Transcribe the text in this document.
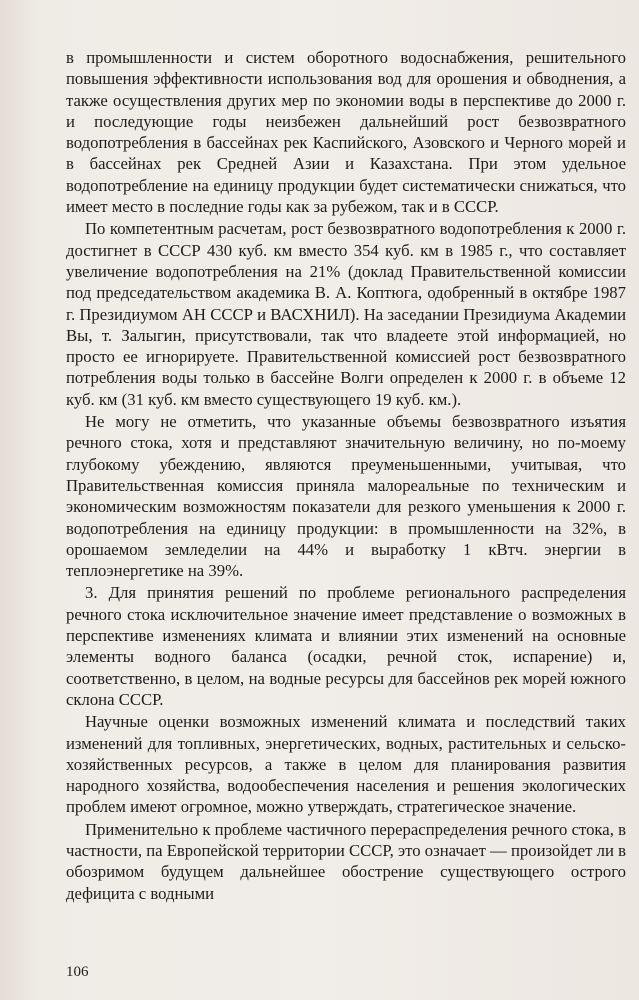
в промышленности и систем оборотного водоснабжения, решительного повышения эффективности использования вод для орошения и обводнения, а также осуществления других мер по экономии воды в перспективе до 2000 г. и последующие годы неизбежен дальнейший рост безвозвратного водопотребления в бассейнах рек Каспийского, Азовского и Черного морей и в бассейнах рек Средней Азии и Казахстана. При этом удельное водопотребление на единицу продукции будет систематически снижаться, что имеет место в последние годы как за рубежом, так и в СССР.

По компетентным расчетам, рост безвозвратного водопотребления к 2000 г. достигнет в СССР 430 куб. км вместо 354 куб. км в 1985 г., что составляет увеличение водопотребления на 21% (доклад Правительственной комиссии под председательством академика В. А. Коптюга, одобренный в октябре 1987 г. Президиумом АН СССР и ВАСХНИЛ). На заседании Президиума Академии Вы, т. Залыгин, присутствовали, так что владеете этой информацией, но просто ее игнорируете. Правительственной комиссией рост безвозвратного потребления воды только в бассейне Волги определен к 2000 г. в объеме 12 куб. км (31 куб. км вместо существующего 19 куб. км.).

Не могу не отметить, что указанные объемы безвозвратного изъятия речного стока, хотя и представляют значительную величину, но по-моему глубокому убеждению, являются преуменьшенными, учитывая, что Правительственная комиссия приняла малореальные по техническим и экономическим возможностям показатели для резкого уменьшения к 2000 г. водопотребления на единицу продукции: в промышленности на 32%, в орошаемом земледелии на 44% и выработку 1 кВтч. энергии в теплоэнергетике на 39%.

3. Для принятия решений по проблеме регионального распределения речного стока исключительное значение имеет представление о возможных в перспективе изменениях климата и влиянии этих изменений на основные элементы водного баланса (осадки, речной сток, испарение) и, соответственно, в целом, на водные ресурсы для бассейнов рек морей южного склона СССР.

Научные оценки возможных изменений климата и последствий таких изменений для топливных, энергетических, водных, растительных и сельско-хозяйственных ресурсов, а также в целом для планирования развития народного хозяйства, водообеспечения населения и решения экологических проблем имеют огромное, можно утверждать, стратегическое значение.

Применительно к проблеме частичного перераспределения речного стока, в частности, па Европейской территории СССР, это означает — произойдет ли в обозримом будущем дальнейшее обострение существующего острого дефицита с водными

106
